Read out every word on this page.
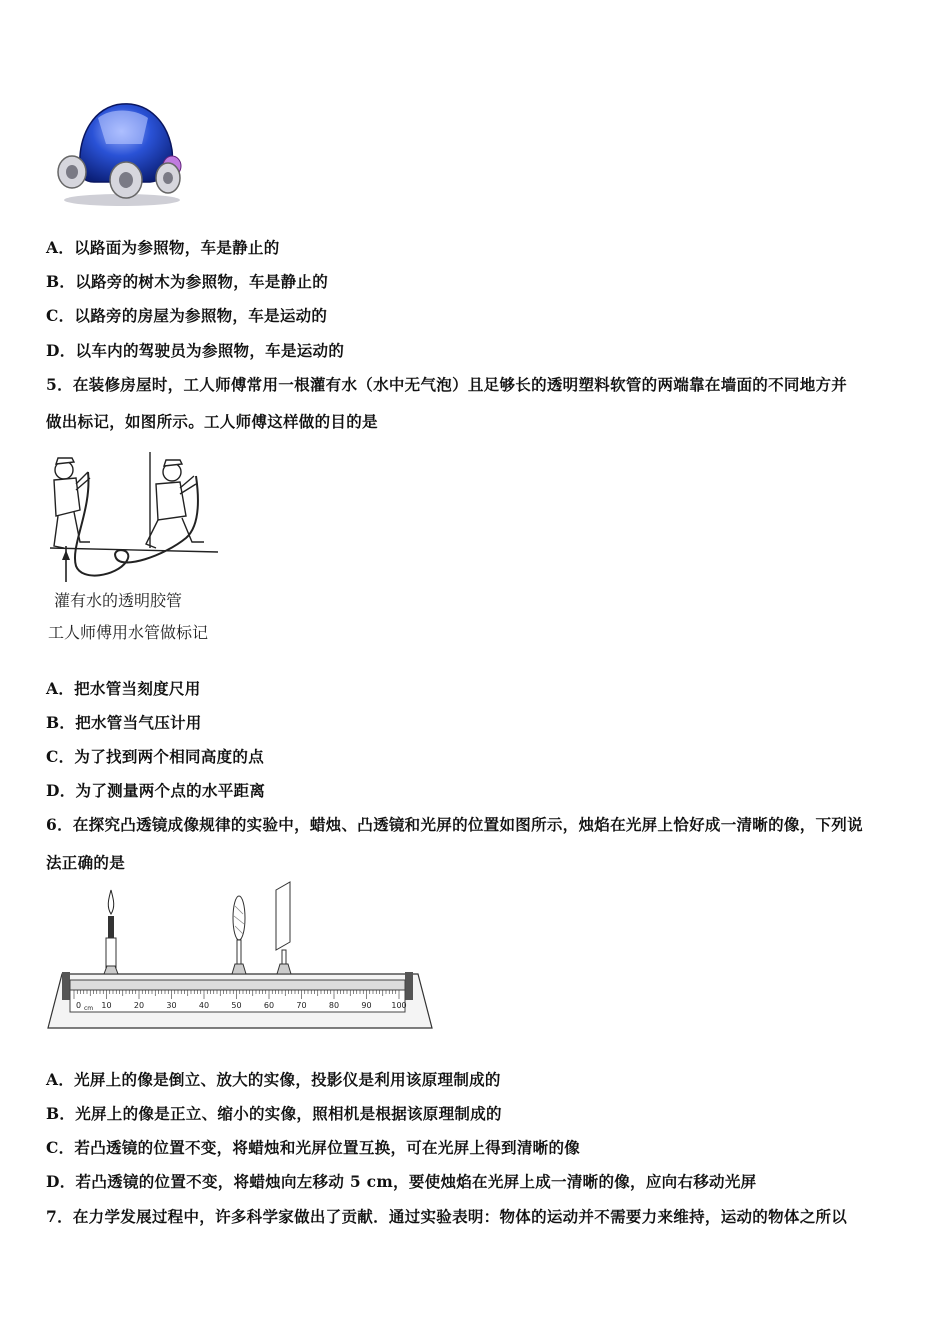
A．以路面为参照物，车是静止的
B．以路旁的树木为参照物，车是静止的
C．以路旁的房屋为参照物，车是运动的
D．以车内的驾驶员为参照物，车是运动的
5．在装修房屋时，工人师傅常用一根灌有水（水中无气泡）且足够长的透明塑料软管的两端靠在墙面的不同地方并
做出标记，如图所示。工人师傅这样做的目的是
灌有水的透明胶管
工人师傅用水管做标记
A．把水管当刻度尺用
B．把水管当气压计用
C．为了找到两个相同高度的点
D．为了测量两个点的水平距离
6．在探究凸透镜成像规律的实验中，蜡烛、凸透镜和光屏的位置如图所示，烛焰在光屏上恰好成一清晰的像，下列说
法正确的是
0	10	20	30	40	50	60	70	80	90 100
cm
A．光屏上的像是倒立、放大的实像，投影仪是利用该原理制成的
B．光屏上的像是正立、缩小的实像，照相机是根据该原理制成的
C．若凸透镜的位置不变，将蜡烛和光屏位置互换，可在光屏上得到清晰的像
D．若凸透镜的位置不变，将蜡烛向左移动 5 cm，要使烛焰在光屏上成一清晰的像，应向右移动光屏
7．在力学发展过程中，许多科学家做出了贡献．通过实验表明：物体的运动并不需要力来维持，运动的物体之所以
